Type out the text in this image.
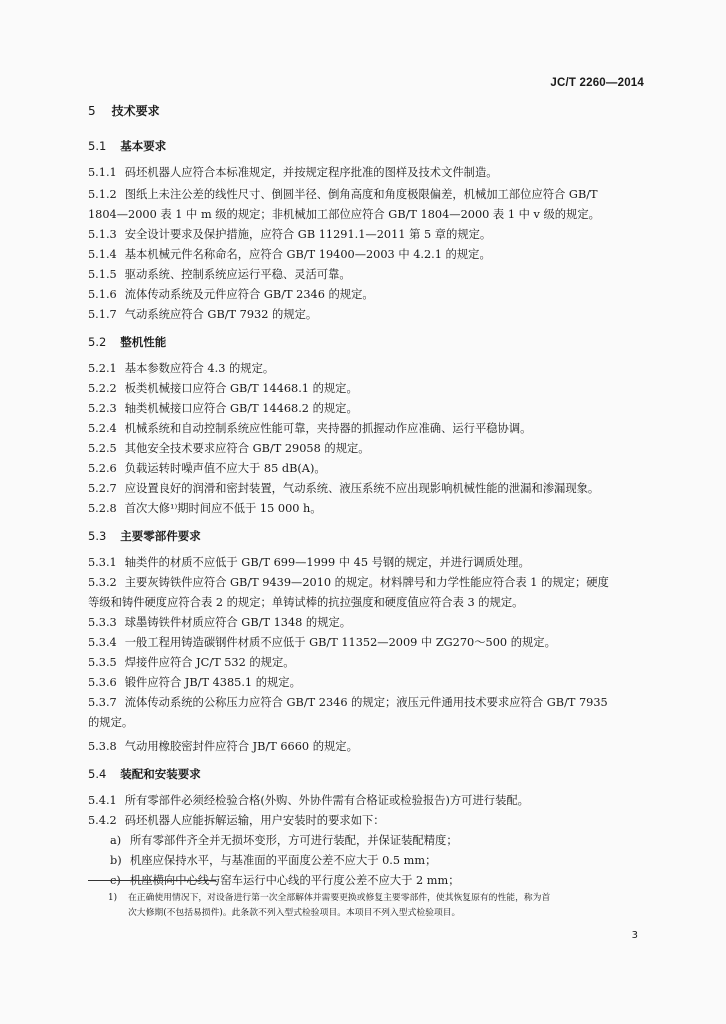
JC/T 2260—2014
5 技术要求
5.1 基本要求
5.1.1 码坯机器人应符合本标准规定，并按规定程序批准的图样及技术文件制造。
5.1.2 图纸上未注公差的线性尺寸、倒圆半径、倒角高度和角度极限偏差，机械加工部位应符合 GB/T
1804—2000 表 1 中 m 级的规定；非机械加工部位应符合 GB/T 1804—2000 表 1 中 v 级的规定。
5.1.3 安全设计要求及保护措施，应符合 GB 11291.1—2011 第 5 章的规定。
5.1.4 基本机械元件名称命名，应符合 GB/T 19400—2003 中 4.2.1 的规定。
5.1.5 驱动系统、控制系统应运行平稳、灵活可靠。
5.1.6 流体传动系统及元件应符合 GB/T 2346 的规定。
5.1.7 气动系统应符合 GB/T 7932 的规定。
5.2 整机性能
5.2.1 基本参数应符合 4.3 的规定。
5.2.2 板类机械接口应符合 GB/T 14468.1 的规定。
5.2.3 轴类机械接口应符合 GB/T 14468.2 的规定。
5.2.4 机械系统和自动控制系统应性能可靠，夹持器的抓握动作应准确、运行平稳协调。
5.2.5 其他安全技术要求应符合 GB/T 29058 的规定。
5.2.6 负载运转时噪声值不应大于 85 dB(A)。
5.2.7 应设置良好的润滑和密封装置，气动系统、液压系统不应出现影响机械性能的泄漏和渗漏现象。
5.2.8 首次大修¹⁾期时间应不低于 15 000 h。
5.3 主要零部件要求
5.3.1 轴类件的材质不应低于 GB/T 699—1999 中 45 号钢的规定，并进行调质处理。
5.3.2 主要灰铸铁件应符合 GB/T 9439—2010 的规定。材料牌号和力学性能应符合表 1 的规定；硬度
等级和铸件硬度应符合表 2 的规定；单铸试棒的抗拉强度和硬度值应符合表 3 的规定。
5.3.3 球墨铸铁件材质应符合 GB/T 1348 的规定。
5.3.4 一般工程用铸造碳钢件材质不应低于 GB/T 11352—2009 中 ZG270～500 的规定。
5.3.5 焊接件应符合 JC/T 532 的规定。
5.3.6 锻件应符合 JB/T 4385.1 的规定。
5.3.7 流体传动系统的公称压力应符合 GB/T 2346 的规定；液压元件通用技术要求应符合 GB/T 7935
的规定。
5.3.8 气动用橡胶密封件应符合 JB/T 6660 的规定。
5.4 装配和安装要求
5.4.1 所有零部件必须经检验合格(外购、外协件需有合格证或检验报告)方可进行装配。
5.4.2 码坯机器人应能拆解运输，用户安装时的要求如下：
a) 所有零部件齐全并无损坏变形，方可进行装配，并保证装配精度；
b) 机座应保持水平，与基准面的平面度公差不应大于 0.5 mm；
c) 机座横向中心线与窑车运行中心线的平行度公差不应大于 2 mm；
1) 在正确使用情况下，对设备进行第一次全部解体并需要更换或修复主要零部件，使其恢复原有的性能，称为首
次大修期(不包括易损件)。此条款不列入型式检验项目。本项目不列入型式检验项目。
3
